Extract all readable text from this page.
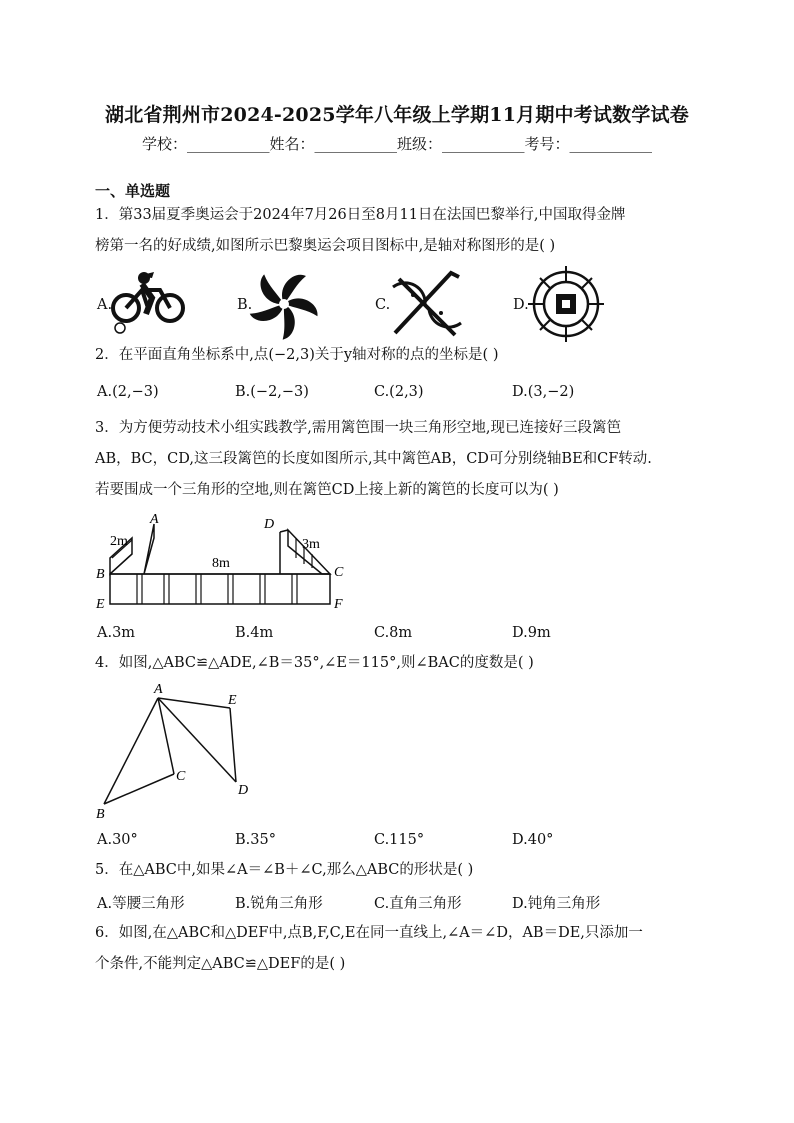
湖北省荆州市2024-2025学年八年级上学期11月期中考试数学试卷
学校：___________姓名：___________班级：___________考号：___________
一、单选题
1．第33届夏季奥运会于2024年7月26日至8月11日在法国巴黎举行,中国取得金牌
榜第一名的好成绩,如图所示巴黎奥运会项目图标中,是轴对称图形的是( )
A.	B.	C.	D.
2．在平面直角坐标系中,点(−2,3)关于y轴对称的点的坐标是( )
A.(2,−3)	B.(−2,−3)	C.(2,3)	D.(3,−2)
3．为方便劳动技术小组实践教学,需用篱笆围一块三角形空地,现已连接好三段篱笆
AB，BC，CD,这三段篱笆的长度如图所示,其中篱笆AB，CD可分别绕轴BE和CF转动.
若要围成一个三角形的空地,则在篱笆CD上接上新的篱笆的长度可以为( )
A
2m
B
E
8m
D
3m
C
F
A.3m	B.4m	C.8m	D.9m
4．如图,△ABC≌△ADE,∠B＝35°,∠E＝115°,则∠BAC的度数是( )
A
B
C
D
E
A.30°	B.35°	C.115°	D.40°
5．在△ABC中,如果∠A＝∠B＋∠C,那么△ABC的形状是( )
A.等腰三角形	B.锐角三角形	C.直角三角形	D.钝角三角形
6．如图,在△ABC和△DEF中,点B,F,C,E在同一直线上,∠A＝∠D，AB＝DE,只添加一
个条件,不能判定△ABC≌△DEF的是( )
